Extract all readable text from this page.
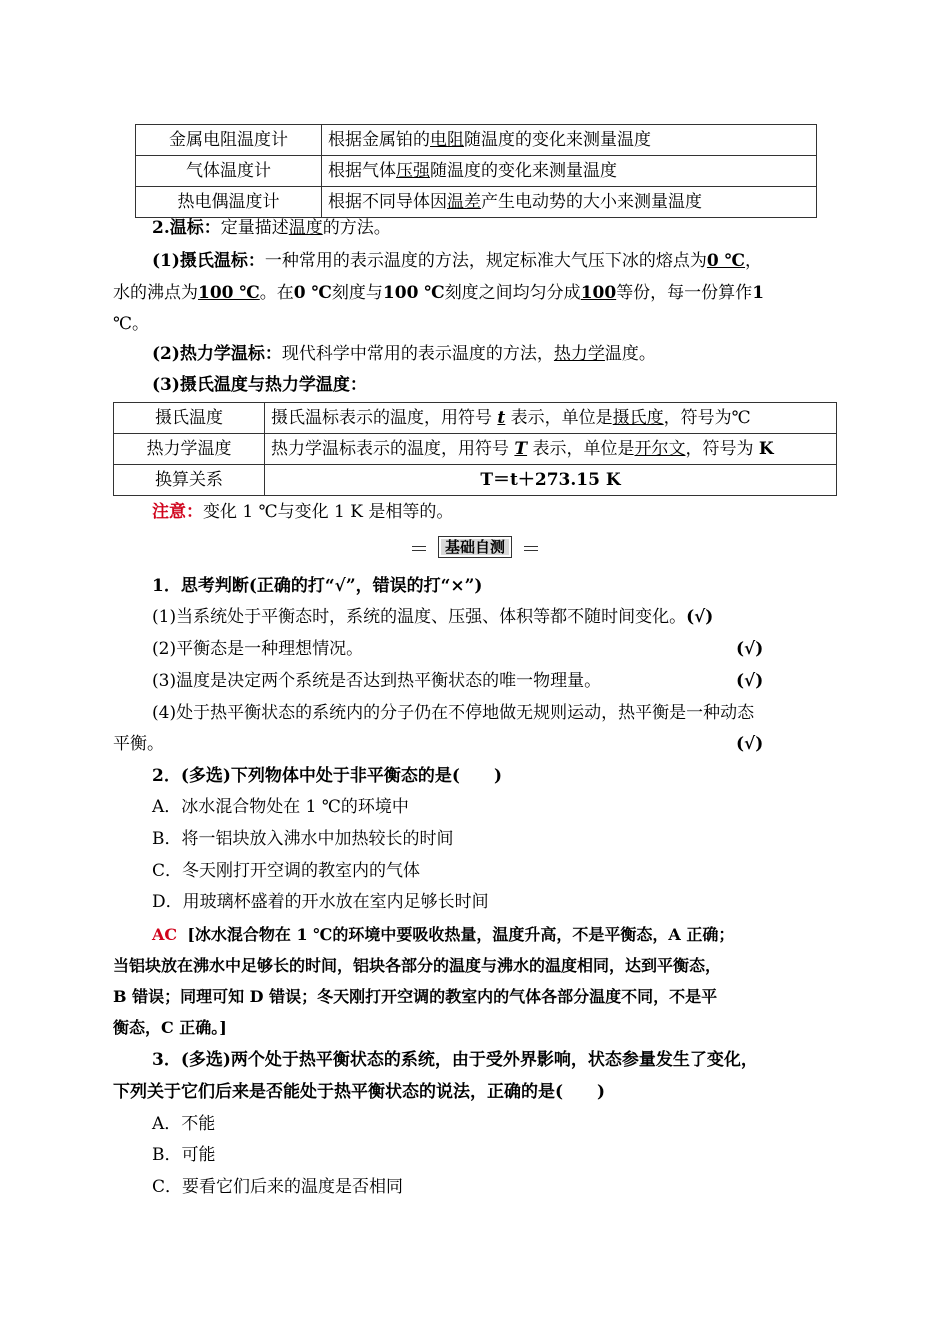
金属电阻温度计	根据金属铂的电阻随温度的变化来测量温度
气体温度计	根据气体压强随温度的变化来测量温度
热电偶温度计	根据不同导体因温差产生电动势的大小来测量温度
2.温标：定量描述温度的方法。
(1)摄氏温标：一种常用的表示温度的方法，规定标准大气压下冰的熔点为0 ℃，
水的沸点为100 ℃。在0 ℃刻度与100 ℃刻度之间均匀分成100等份，每一份算作1
℃。
(2)热力学温标：现代科学中常用的表示温度的方法，热力学温度。
(3)摄氏温度与热力学温度：
摄氏温度	摄氏温标表示的温度，用符号 t 表示，单位是摄氏度，符号为℃
热力学温度	热力学温标表示的温度，用符号 T 表示，单位是开尔文，符号为 K
换算关系	T＝t＋273.15 K
注意：变化 1 ℃与变化 1 K 是相等的。
基础自测
1．思考判断(正确的打“√”，错误的打“×”)
(1)当系统处于平衡态时，系统的温度、压强、体积等都不随时间变化。(√)
(2)平衡态是一种理想情况。	(√)
(3)温度是决定两个系统是否达到热平衡状态的唯一物理量。	(√)
(4)处于热平衡状态的系统内的分子仍在不停地做无规则运动，热平衡是一种动态
平衡。	(√)
2．(多选)下列物体中处于非平衡态的是(　　)
A．冰水混合物处在 1 ℃的环境中
B．将一铝块放入沸水中加热较长的时间
C．冬天刚打开空调的教室内的气体
D．用玻璃杯盛着的开水放在室内足够长时间
AC [冰水混合物在 1 ℃的环境中要吸收热量，温度升高，不是平衡态，A 正确；
当铝块放在沸水中足够长的时间，铝块各部分的温度与沸水的温度相同，达到平衡态，
B 错误；同理可知 D 错误；冬天刚打开空调的教室内的气体各部分温度不同，不是平
衡态，C 正确。]
3．(多选)两个处于热平衡状态的系统，由于受外界影响，状态参量发生了变化，
下列关于它们后来是否能处于热平衡状态的说法，正确的是(　　)
A．不能
B．可能
C．要看它们后来的温度是否相同
